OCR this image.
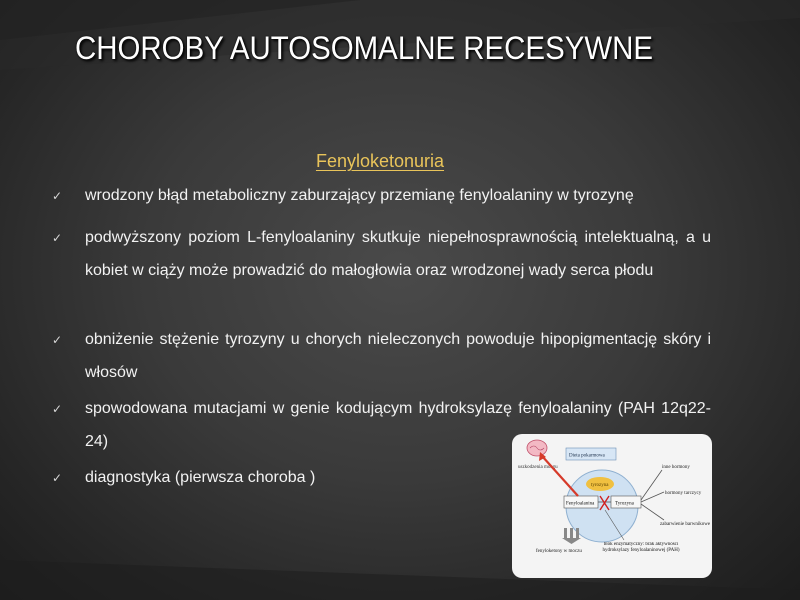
CHOROBY AUTOSOMALNE RECESYWNE
Fenyloketonuria
✓ wrodzony błąd metaboliczny zaburzający przemianę fenyloalaniny w tyrozynę
✓ podwyższony poziom L-fenyloalaniny skutkuje niepełnosprawnością intelektualną, a u kobiet w ciąży może prowadzić do małogłowia oraz wrodzonej wady serca płodu
✓ obniżenie stężenie tyrozyny u chorych nieleczonych powoduje hipopigmentację skóry i włosów
✓ spowodowana mutacjami w genie kodującym hydroksylazę fenyloalaniny (PAH 12q22-24)
✓ diagnostyka (pierwsza choroba )
uszkodzenia mózgu
Dieta pokarmowa
tyrozyna
Fenyloalanina	Tyrozyna
inne hormony
hormony tarczycy
zabarwienie barwnikowe
fenyloketony w moczu
blok enzymatyczny: brak aktywności hydroksylazy fenyloalaninowej (PAH)
